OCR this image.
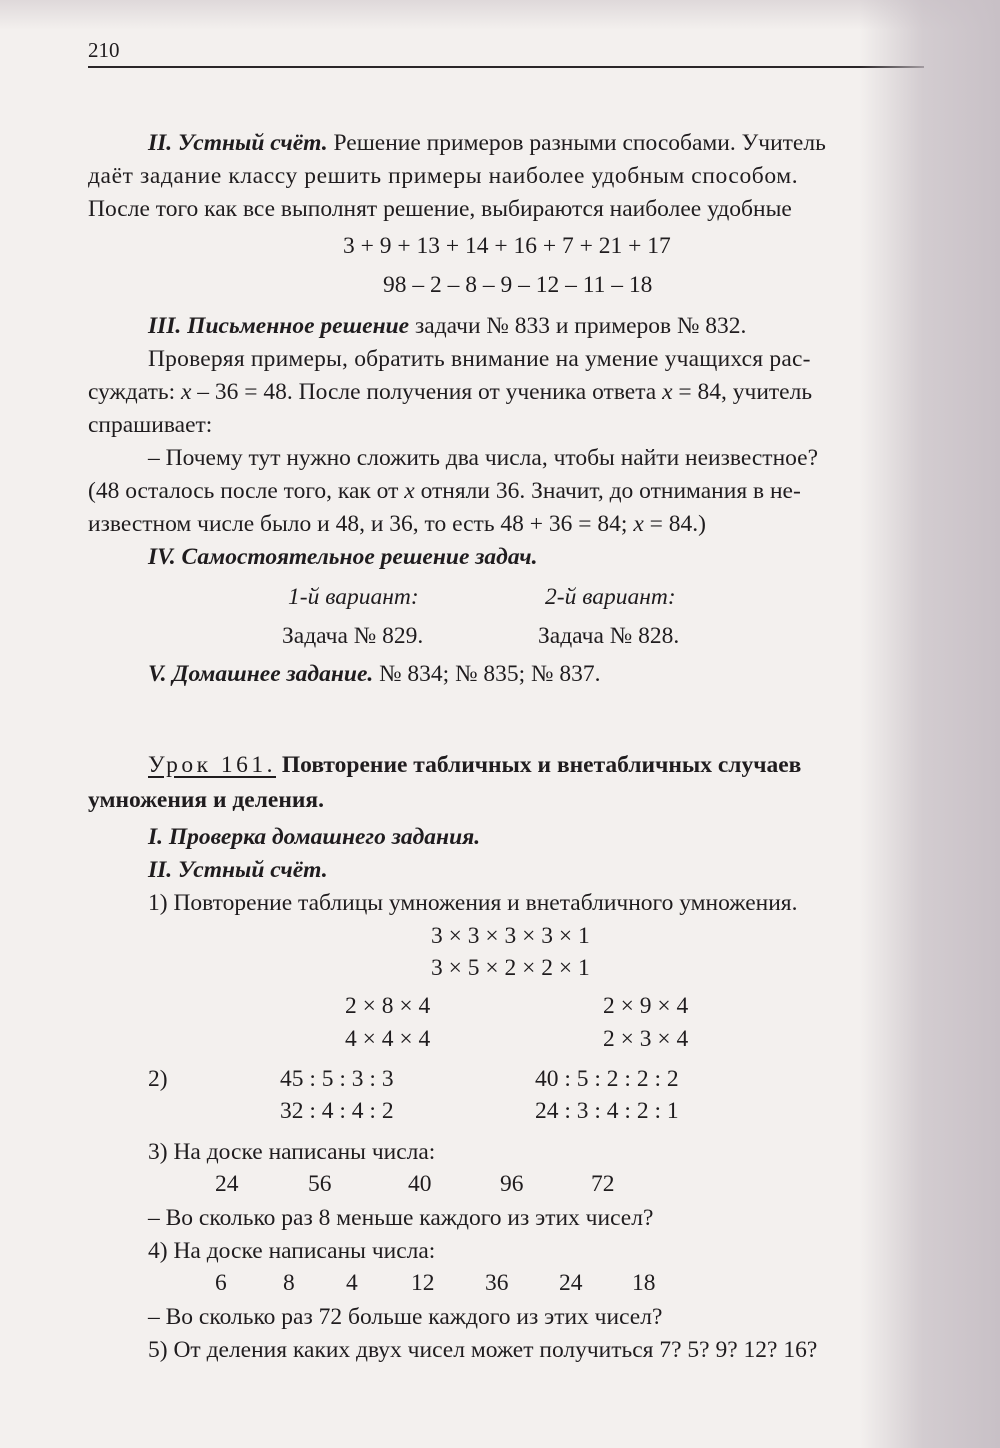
210
II. Устный счёт. Решение примеров разными способами. Учитель
даёт задание классу решить примеры наиболее удобным способом.
После того как все выполнят решение, выбираются наиболее удобные
3 + 9 + 13 + 14 + 16 + 7 + 21 + 17
98 – 2 – 8 – 9 – 12 – 11 – 18
III. Письменное решение задачи № 833 и примеров № 832.
Проверяя примеры, обратить внимание на умение учащихся рас-
суждать: x – 36 = 48. После получения от ученика ответа x = 84, учитель
спрашивает:
– Почему тут нужно сложить два числа, чтобы найти неизвестное?
(48 осталось после того, как от x отняли 36. Значит, до отнимания в не-
известном числе было и 48, и 36, то есть 48 + 36 = 84; x = 84.)
IV. Самостоятельное решение задач.
1-й вариант:	2-й вариант:
Задача № 829.	Задача № 828.
V. Домашнее задание. № 834; № 835; № 837.
Урок 161. Повторение табличных и внетабличных случаев
умножения и деления.
I. Проверка домашнего задания.
II. Устный счёт.
1) Повторение таблицы умножения и внетабличного умножения.
3 × 3 × 3 × 3 × 1
3 × 5 × 2 × 2 × 1
2 × 8 × 4	2 × 9 × 4
4 × 4 × 4	2 × 3 × 4
2)	45 : 5 : 3 : 3	40 : 5 : 2 : 2 : 2
32 : 4 : 4 : 2	24 : 3 : 4 : 2 : 1
3) На доске написаны числа:
24	56	40	96	72
– Во сколько раз 8 меньше каждого из этих чисел?
4) На доске написаны числа:
6	8	4	12	36	24	18
– Во сколько раз 72 больше каждого из этих чисел?
5) От деления каких двух чисел может получиться 7? 5? 9? 12? 16?
